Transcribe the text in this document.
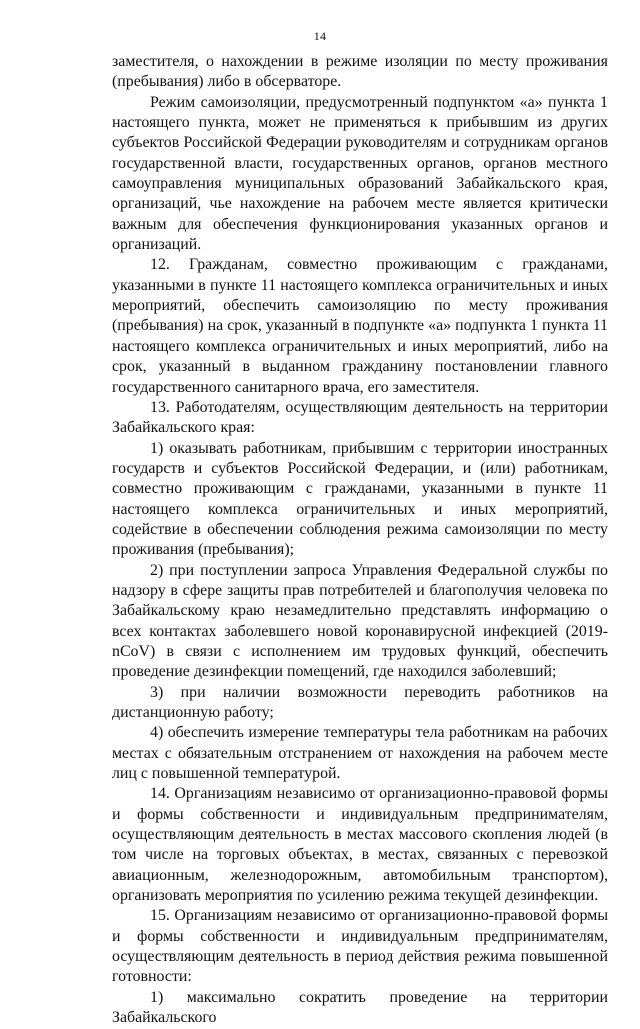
14

заместителя, о нахождении в режиме изоляции по месту проживания (пребывания) либо в обсерваторе.

Режим самоизоляции, предусмотренный подпунктом «а» пункта 1 настоящего пункта, может не применяться к прибывшим из других субъектов Российской Федерации руководителям и сотрудникам органов государственной власти, государственных органов, органов местного самоуправления муниципальных образований Забайкальского края, организаций, чье нахождение на рабочем месте является критически важным для обеспечения функционирования указанных органов и организаций.

12. Гражданам, совместно проживающим с гражданами, указанными в пункте 11 настоящего комплекса ограничительных и иных мероприятий, обеспечить самоизоляцию по месту проживания (пребывания) на срок, указанный в подпункте «а» подпункта 1 пункта 11 настоящего комплекса ограничительных и иных мероприятий, либо на срок, указанный в выданном гражданину постановлении главного государственного санитарного врача, его заместителя.

13. Работодателям, осуществляющим деятельность на территории Забайкальского края:

1) оказывать работникам, прибывшим с территории иностранных государств и субъектов Российской Федерации, и (или) работникам, совместно проживающим с гражданами, указанными в пункте 11 настоящего комплекса ограничительных и иных мероприятий, содействие в обеспечении соблюдения режима самоизоляции по месту проживания (пребывания);

2) при поступлении запроса Управления Федеральной службы по надзору в сфере защиты прав потребителей и благополучия человека по Забайкальскому краю незамедлительно представлять информацию о всех контактах заболевшего новой коронавирусной инфекцией (2019-nCoV) в связи с исполнением им трудовых функций, обеспечить проведение дезинфекции помещений, где находился заболевший;

3) при наличии возможности переводить работников на дистанционную работу;

4) обеспечить измерение температуры тела работникам на рабочих местах с обязательным отстранением от нахождения на рабочем месте лиц с повышенной температурой.

14. Организациям независимо от организационно-правовой формы и формы собственности и индивидуальным предпринимателям, осуществляющим деятельность в местах массового скопления людей (в том числе на торговых объектах, в местах, связанных с перевозкой авиационным, железнодорожным, автомобильным транспортом), организовать мероприятия по усилению режима текущей дезинфекции.

15. Организациям независимо от организационно-правовой формы и формы собственности и индивидуальным предпринимателям, осуществляющим деятельность в период действия режима повышенной готовности:

1) максимально сократить проведение на территории Забайкальского
